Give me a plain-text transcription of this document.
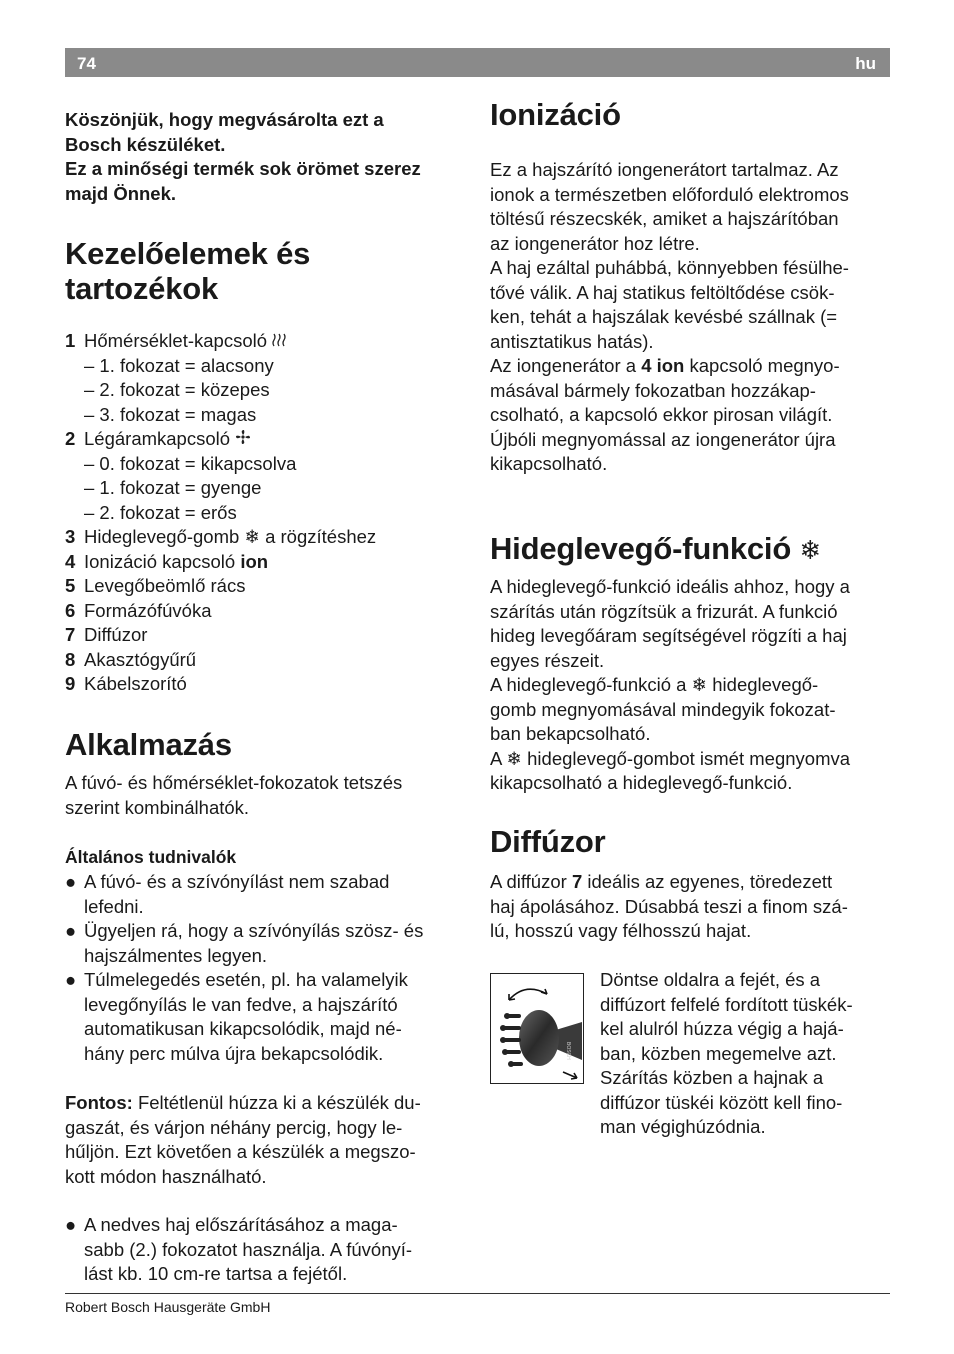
74	hu

Köszönjük, hogy megvásárolta ezt a

Bosch készüléket.

Ez a minőségi termék sok örömet szerez

majd Önnek.

Kezelőelemek és
tartozékok

1 Hőmérséklet-kapcsoló

– 1. fokozat = alacsony

– 2. fokozat = közepes

– 3. fokozat = magas

2 Légáramkapcsoló

– 0. fokozat = kikapcsolva

– 1. fokozat = gyenge

– 2. fokozat = erős

3 Hideglevegő-gomb ❄ a rögzítéshez

4 Ionizáció kapcsoló ion

5 Levegőbeömlő rács

6 Formázófúvóka

7 Diffúzor

8 Akasztógyűrű

9 Kábelszorító

Alkalmazás

A fúvó- és hőmérséklet-fokozatok tetszés

szerint kombinálhatók.

Általános tudnivalók

● A fúvó- és a szívónyílást nem szabad

lefedni.

● Ügyeljen rá, hogy a szívónyílás szösz- és

hajszálmentes legyen.

● Túlmelegedés esetén, pl. ha valamelyik

levegőnyílás le van fedve, a hajszárító

automatikusan kikapcsolódik, majd né-

hány perc múlva újra bekapcsolódik.

Fontos: Feltétlenül húzza ki a készülék du-

gaszát, és várjon néhány percig, hogy le-

hűljön. Ezt követően a készülék a megszo-

kott módon használható.

● A nedves haj előszárításához a maga-

sabb (2.) fokozatot használja. A fúvónyí-

lást kb. 10 cm-re tartsa a fejétől.

Ionizáció

Ez a hajszárító iongenerátort tartalmaz. Az

ionok a természetben előforduló elektromos

töltésű részecskék, amiket a hajszárítóban

az iongenerátor hoz létre.

A haj ezáltal puhábbá, könnyebben fésülhe-

tővé válik. A haj statikus feltöltődése csök-

ken, tehát a hajszálak kevésbé szállnak (=

antisztatikus hatás).

Az iongenerátor a 4 ion kapcsoló megnyo-

másával bármely fokozatban hozzákap-

csolható, a kapcsoló ekkor pirosan világít.

Újbóli megnyomással az iongenerátor újra

kikapcsolható.

Hideglevegő-funkció ❄

A hideglevegő-funkció ideális ahhoz, hogy a

szárítás után rögzítsük a frizurát. A funkció

hideg levegőáram segítségével rögzíti a haj

egyes részeit.

A hideglevegő-funkció a ❄ hideglevegő-

gomb megnyomásával mindegyik fokozat-

ban bekapcsolható.

A ❄ hideglevegő-gombot ismét megnyomva

kikapcsolható a hideglevegő-funkció.

Diffúzor

A diffúzor 7 ideális az egyenes, töredezett

haj ápolásához. Dúsabbá teszi a finom szá-

lú, hosszú vagy félhosszú hajat.

Döntse oldalra a fejét, és a

diffúzort felfelé fordított tüskék-

kel alulról húzza végig a hajá-

ban, közben megemelve azt.

Szárítás közben a hajnak a

diffúzor tüskéi között kell fino-

man végighúzódnia.

BOSCH
Robert Bosch Hausgeräte GmbH
